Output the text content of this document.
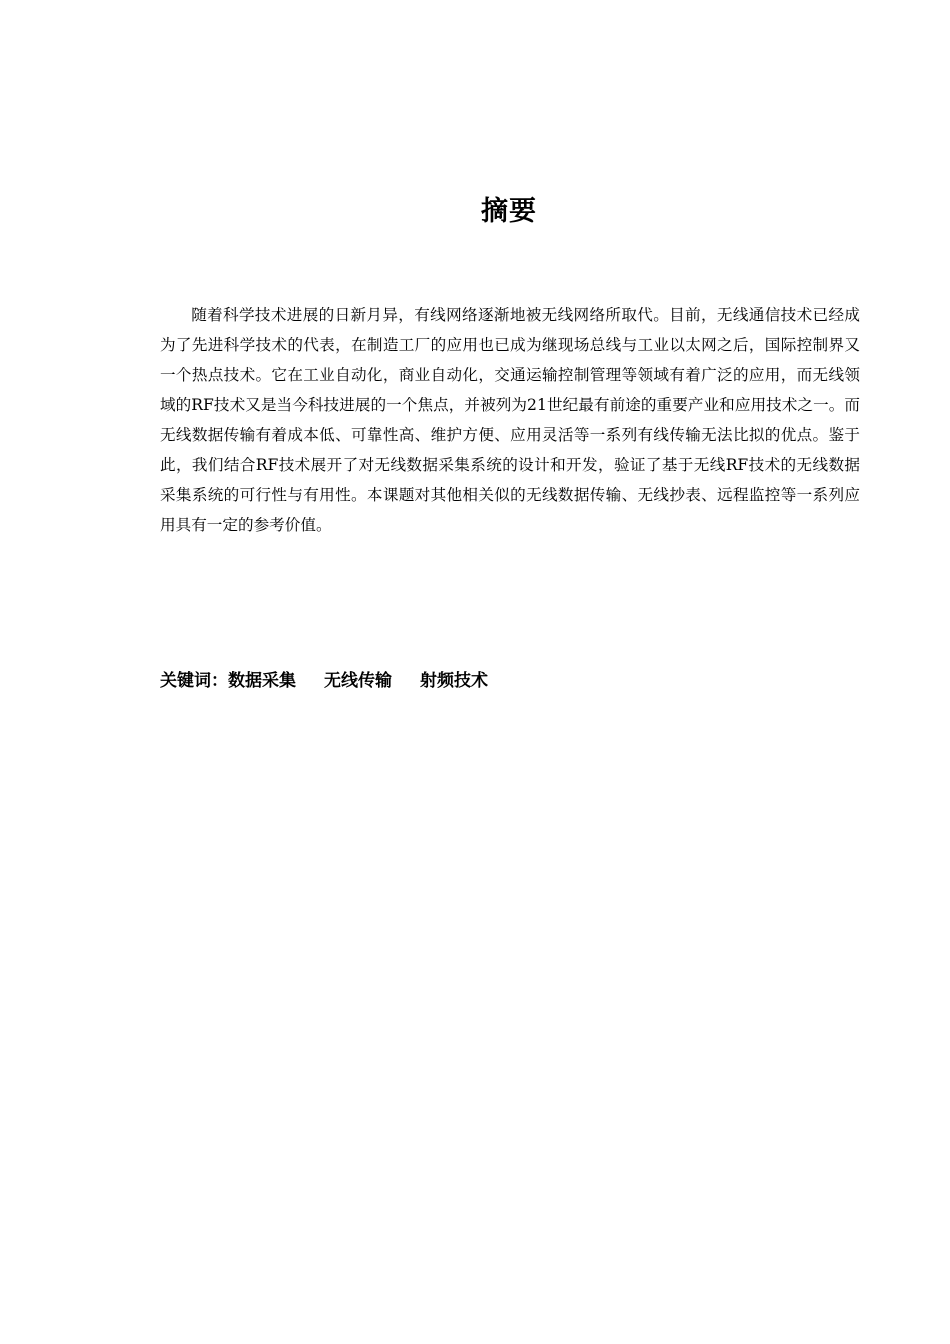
摘要

随着科学技术进展的日新月异，有线网络逐渐地被无线网络所取代。目前，无线通信技术已经成为了先进科学技术的代表，在制造工厂的应用也已成为继现场总线与工业以太网之后，国际控制界又一个热点技术。它在工业自动化，商业自动化，交通运输控制管理等领域有着广泛的应用，而无线领域的RF技术又是当今科技进展的一个焦点，并被列为21世纪最有前途的重要产业和应用技术之一。而无线数据传输有着成本低、可靠性高、维护方便、应用灵活等一系列有线传输无法比拟的优点。鉴于此，我们结合RF技术展开了对无线数据采集系统的设计和开发，验证了基于无线RF技术的无线数据采集系统的可行性与有用性。本课题对其他相关似的无线数据传输、无线抄表、远程监控等一系列应用具有一定的参考价值。

关键词：数据采集 无线传输 射频技术
